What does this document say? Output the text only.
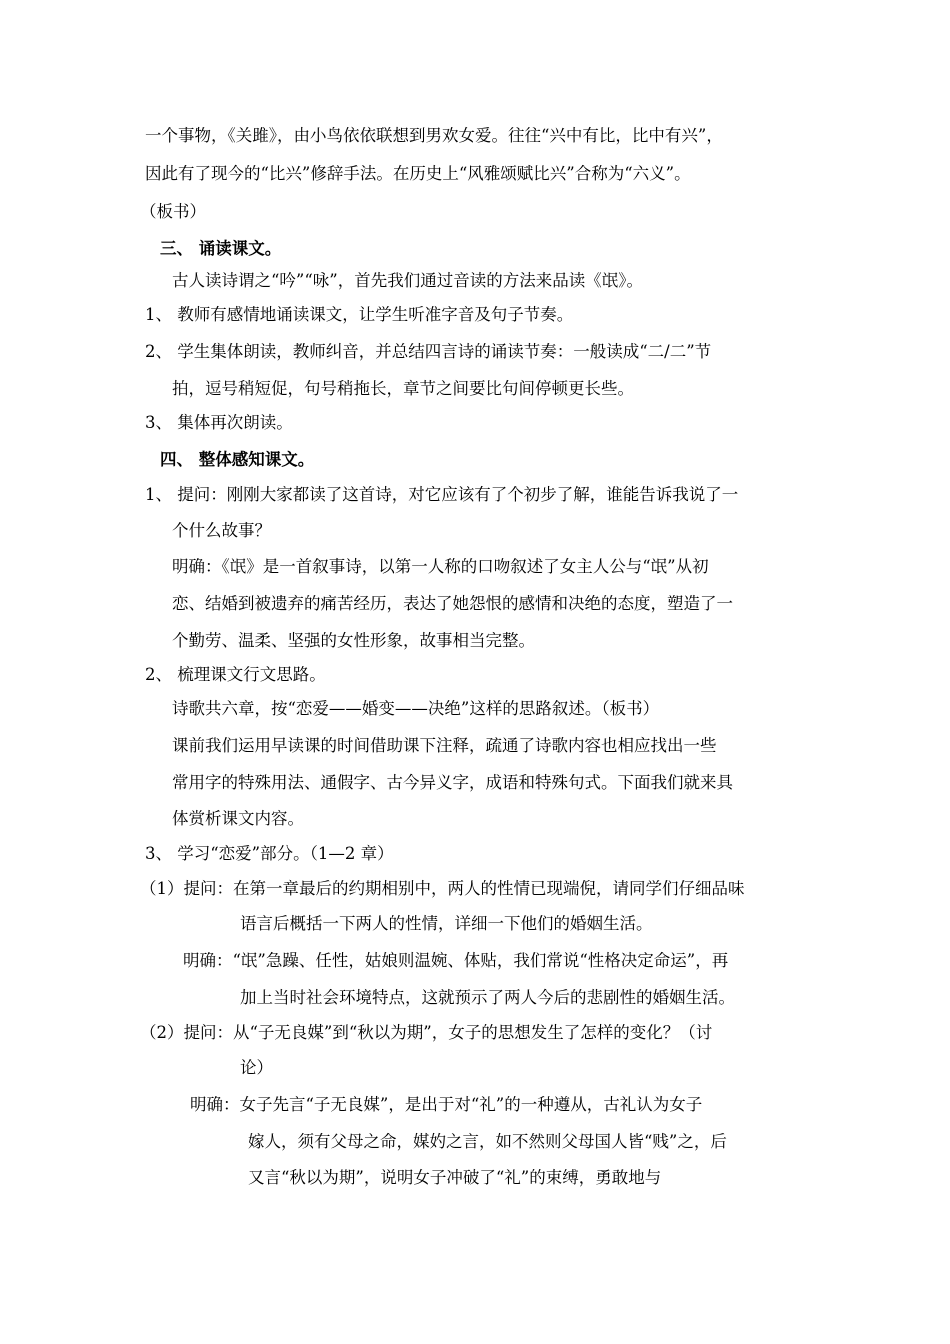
一个事物，《关雎》，由小鸟依依联想到男欢女爱。往往“兴中有比，比中有兴”，
因此有了现今的“比兴”修辞手法。在历史上“风雅颂赋比兴”合称为“六义”。
（板书）
三、 诵读课文。
古人读诗谓之“吟”“咏”，首先我们通过音读的方法来品读《氓》。
1、 教师有感情地诵读课文，让学生听准字音及句子节奏。
2、 学生集体朗读，教师纠音，并总结四言诗的诵读节奏：一般读成“二/二”节
拍，逗号稍短促，句号稍拖长，章节之间要比句间停顿更长些。
3、 集体再次朗读。
四、 整体感知课文。
1、 提问：刚刚大家都读了这首诗，对它应该有了个初步了解，谁能告诉我说了一
个什么故事？
明确：《氓》是一首叙事诗，以第一人称的口吻叙述了女主人公与“氓”从初
恋、结婚到被遗弃的痛苦经历，表达了她怨恨的感情和决绝的态度，塑造了一
个勤劳、温柔、坚强的女性形象，故事相当完整。
2、 梳理课文行文思路。
诗歌共六章，按“恋爱——婚变——决绝”这样的思路叙述。（板书）
课前我们运用早读课的时间借助课下注释，疏通了诗歌内容也相应找出一些
常用字的特殊用法、通假字、古今异义字，成语和特殊句式。下面我们就来具
体赏析课文内容。
3、 学习“恋爱”部分。（1—2 章）
（1）提问：在第一章最后的约期相别中，两人的性情已现端倪，请同学们仔细品味
语言后概括一下两人的性情，详细一下他们的婚姻生活。
明确：“氓”急躁、任性，姑娘则温婉、体贴，我们常说“性格决定命运”，再
加上当时社会环境特点，这就预示了两人今后的悲剧性的婚姻生活。
（2）提问：从“子无良媒”到“秋以为期”，女子的思想发生了怎样的变化？（讨
论）
明确：女子先言“子无良媒”，是出于对“礼”的一种遵从，古礼认为女子
嫁人，须有父母之命，媒妁之言，如不然则父母国人皆“贱”之，后
又言“秋以为期”，说明女子冲破了“礼”的束缚，勇敢地与
